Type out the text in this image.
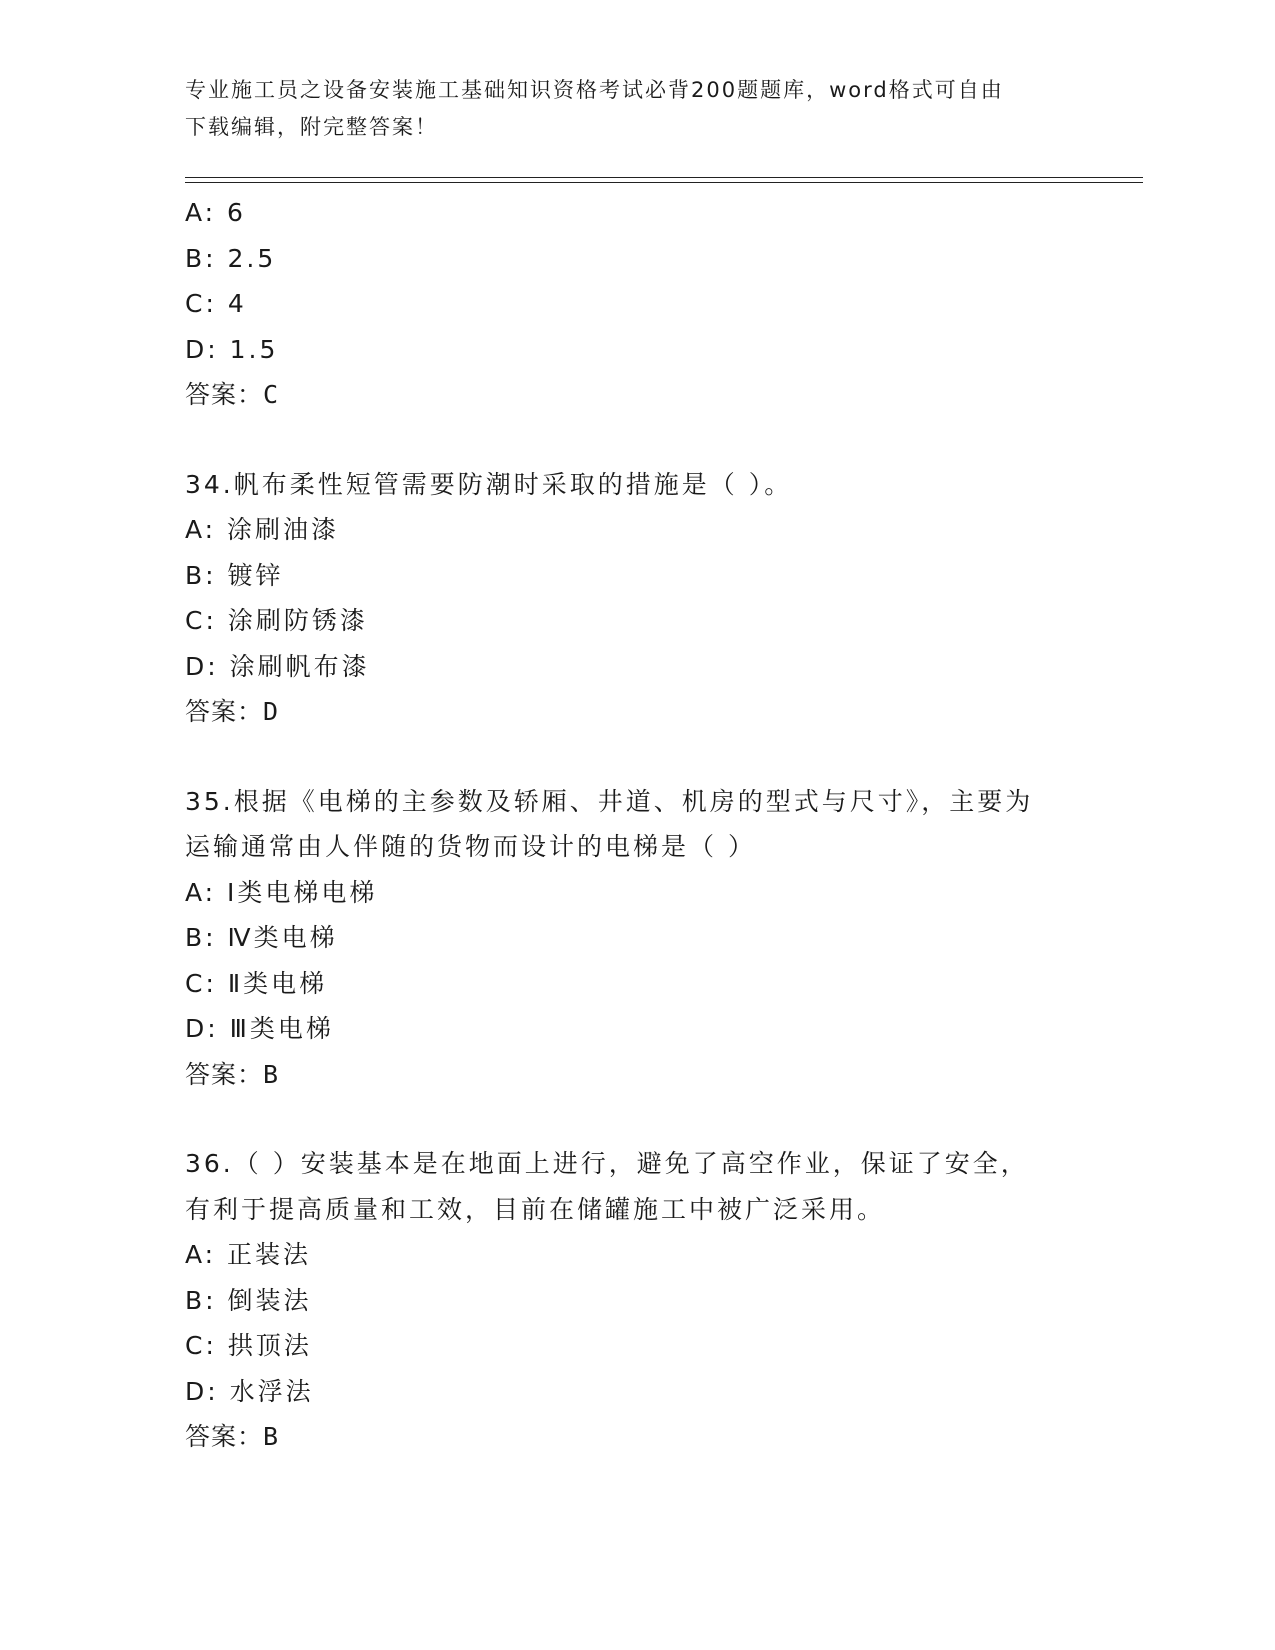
专业施工员之设备安装施工基础知识资格考试必背200题题库，word格式可自由
下载编辑，附完整答案！
A: 6
B: 2.5
C: 4
D: 1.5
答案：C
34.帆布柔性短管需要防潮时采取的措施是（ ）。
A: 涂刷油漆
B: 镀锌
C: 涂刷防锈漆
D: 涂刷帆布漆
答案：D
35.根据《电梯的主参数及轿厢、井道、机房的型式与尺寸》，主要为
运输通常由人伴随的货物而设计的电梯是（ ）
A: Ⅰ类电梯电梯
B: Ⅳ类电梯
C: Ⅱ类电梯
D: Ⅲ类电梯
答案：B
36.（ ）安装基本是在地面上进行，避免了高空作业，保证了安全，
有利于提高质量和工效，目前在储罐施工中被广泛采用。
A: 正装法
B: 倒装法
C: 拱顶法
D: 水浮法
答案：B
